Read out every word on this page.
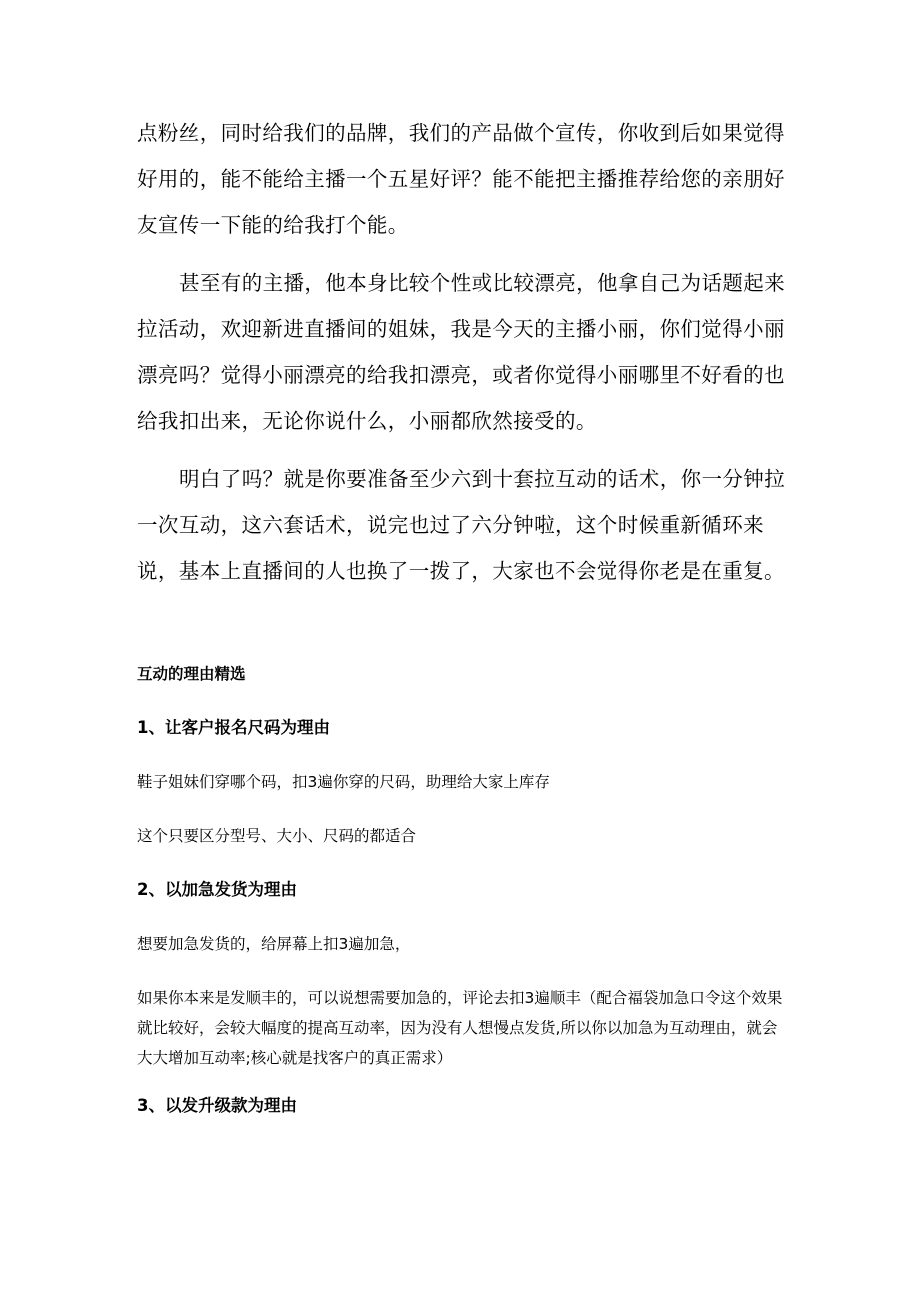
点粉丝，同时给我们的品牌，我们的产品做个宣传，你收到后如果觉得好用的，能不能给主播一个五星好评？能不能把主播推荐给您的亲朋好友宣传一下能的给我打个能。

甚至有的主播，他本身比较个性或比较漂亮，他拿自己为话题起来拉活动，欢迎新进直播间的姐妹，我是今天的主播小丽，你们觉得小丽漂亮吗？觉得小丽漂亮的给我扣漂亮，或者你觉得小丽哪里不好看的也给我扣出来，无论你说什么，小丽都欣然接受的。

明白了吗？就是你要准备至少六到十套拉互动的话术，你一分钟拉一次互动，这六套话术，说完也过了六分钟啦，这个时候重新循环来说，基本上直播间的人也换了一拨了，大家也不会觉得你老是在重复。

互动的理由精选
1、让客户报名尺码为理由

鞋子姐妹们穿哪个码，扣3遍你穿的尺码，助理给大家上库存

这个只要区分型号、大小、尺码的都适合

2、以加急发货为理由

想要加急发货的，给屏幕上扣3遍加急，

如果你本来是发顺丰的，可以说想需要加急的，评论去扣3遍顺丰（配合福袋加急口令这个效果就比较好，会较大幅度的提高互动率，因为没有人想慢点发货,所以你以加急为互动理由，就会大大增加互动率;核心就是找客户的真正需求）

3、以发升级款为理由
